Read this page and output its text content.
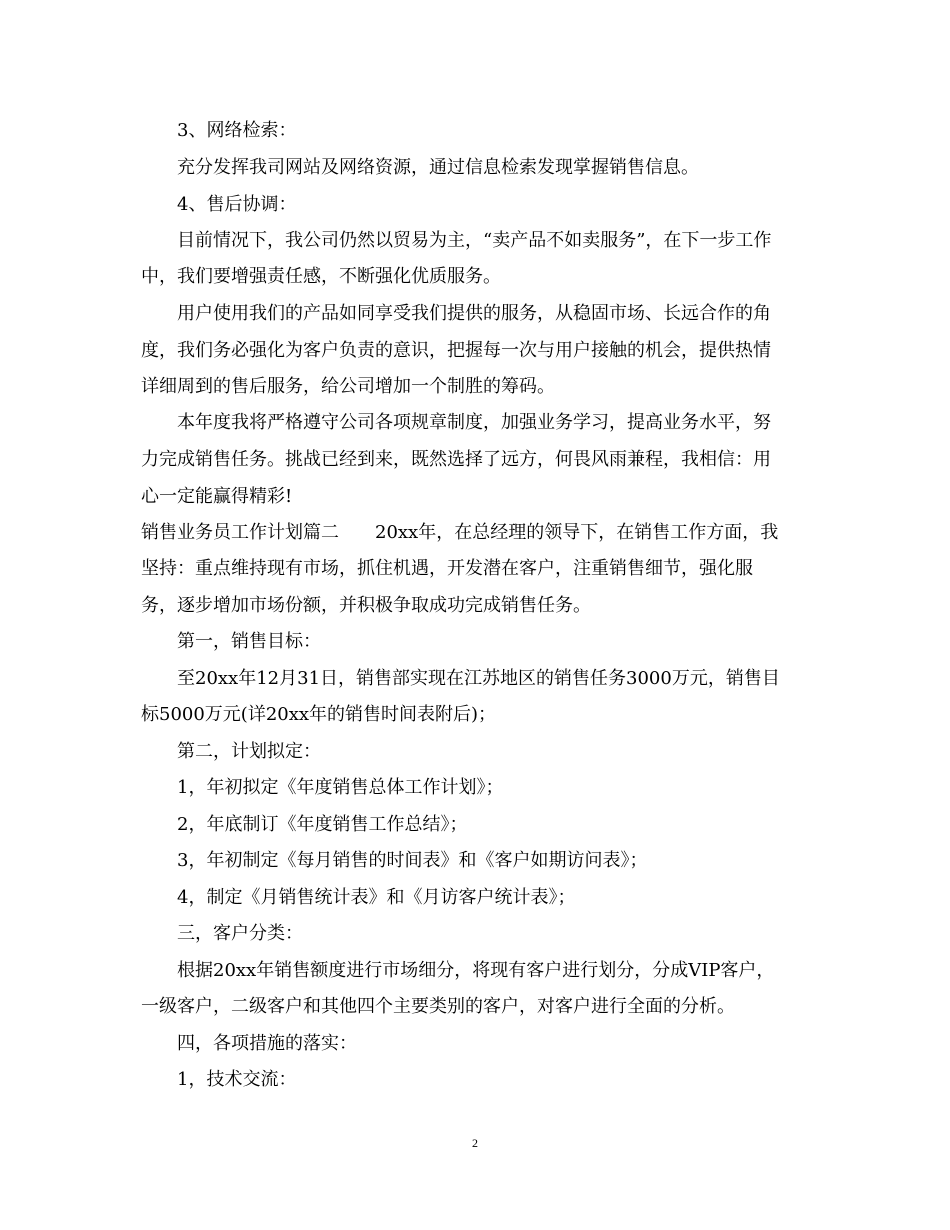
3、网络检索：
充分发挥我司网站及网络资源，通过信息检索发现掌握销售信息。
4、售后协调：
目前情况下，我公司仍然以贸易为主，“卖产品不如卖服务”，在下一步工作
中，我们要增强责任感，不断强化优质服务。
用户使用我们的产品如同享受我们提供的服务，从稳固市场、长远合作的角
度，我们务必强化为客户负责的意识，把握每一次与用户接触的机会，提供热情
详细周到的售后服务，给公司增加一个制胜的筹码。
本年度我将严格遵守公司各项规章制度，加强业务学习，提高业务水平，努
力完成销售任务。挑战已经到来，既然选择了远方，何畏风雨兼程，我相信：用
心一定能赢得精彩!
销售业务员工作计划篇二　　20xx年，在总经理的领导下，在销售工作方面，我
坚持：重点维持现有市场，抓住机遇，开发潜在客户，注重销售细节，强化服
务，逐步增加市场份额，并积极争取成功完成销售任务。
第一，销售目标：
至20xx年12月31日，销售部实现在江苏地区的销售任务3000万元，销售目
标5000万元(详20xx年的销售时间表附后)；
第二，计划拟定：
1，年初拟定《年度销售总体工作计划》；
2，年底制订《年度销售工作总结》；
3，年初制定《每月销售的时间表》和《客户如期访问表》；
4，制定《月销售统计表》和《月访客户统计表》；
三，客户分类：
根据20xx年销售额度进行市场细分，将现有客户进行划分，分成VIP客户，
一级客户，二级客户和其他四个主要类别的客户，对客户进行全面的分析。
四，各项措施的落实：
1，技术交流：
2
